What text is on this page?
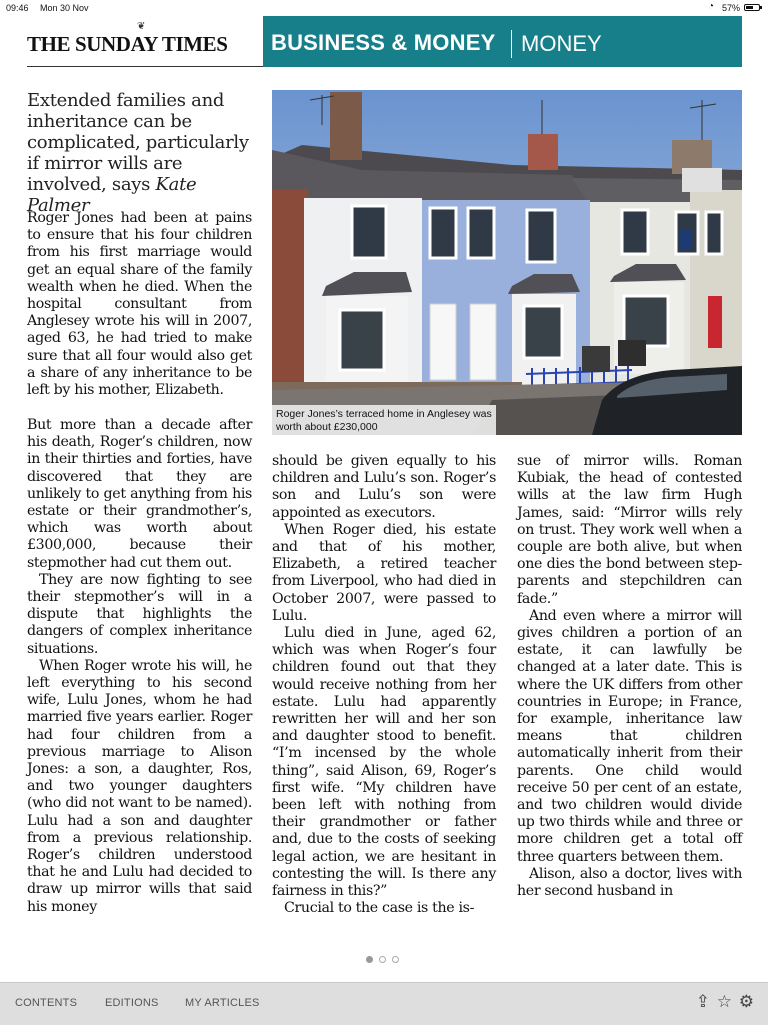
09:46 Mon 30 Nov	◔ 57%
❦
THE SUNDAY TIMES BUSINESS & MONEY MONEY
Extended families and inheritance can be complicated, particularly if mirror wills are involved, says Kate Palmer
Roger Jones’s terraced home in Anglesey was worth about £230,000

Roger Jones had been at pains to ensure that his four children from his first marriage would get an equal share of the family wealth when he died. When the hospital consultant from Anglesey wrote his will in 2007, aged 63, he had tried to make sure that all four would also get a share of any inheritance to be left by his mother, Elizabeth.

But more than a decade after his death, Roger’s children, now in their thirties and forties, have discovered that they are unlikely to get anything from his estate or their grandmother’s, which was worth about £300,000, because their stepmother had cut them out.

They are now fighting to see their stepmother’s will in a dispute that highlights the dangers of complex inheritance situations.

When Roger wrote his will, he left everything to his second wife, Lulu Jones, whom he had married five years earlier. Roger had four children from a previous marriage to Alison Jones: a son, a daughter, Ros, and two younger daughters (who did not want to be named). Lulu had a son and daughter from a previous relationship. Roger’s children understood that he and Lulu had decided to draw up mirror wills that said his money

should be given equally to his children and Lulu’s son. Roger’s son and Lulu’s son were appointed as executors.

When Roger died, his estate and that of his mother, Elizabeth, a retired teacher from Liverpool, who had died in October 2007, were passed to Lulu.

Lulu died in June, aged 62, which was when Roger’s four children found out that they would receive nothing from her estate. Lulu had apparently rewritten her will and her son and daughter stood to benefit. “I’m incensed by the whole thing”, said Alison, 69, Roger’s first wife. “My children have been left with nothing from their grandmother or father and, due to the costs of seeking legal action, we are hesitant in contesting the will. Is there any fairness in this?”

Crucial to the case is the is-

sue of mirror wills. Roman Kubiak, the head of contested wills at the law firm Hugh James, said: “Mirror wills rely on trust. They work well when a couple are both alive, but when one dies the bond between step-parents and stepchildren can fade.”

And even where a mirror will gives children a portion of an estate, it can lawfully be changed at a later date. This is where the UK differs from other countries in Europe; in France, for example, inheritance law means that children automatically inherit from their parents. One child would receive 50 per cent of an estate, and two children would divide up two thirds while and three or more children get a total off three quarters between them.

Alison, also a doctor, lives with her second husband in

CONTENTS	EDITIONS MY ARTICLES	⇪ ☆ ⚙
